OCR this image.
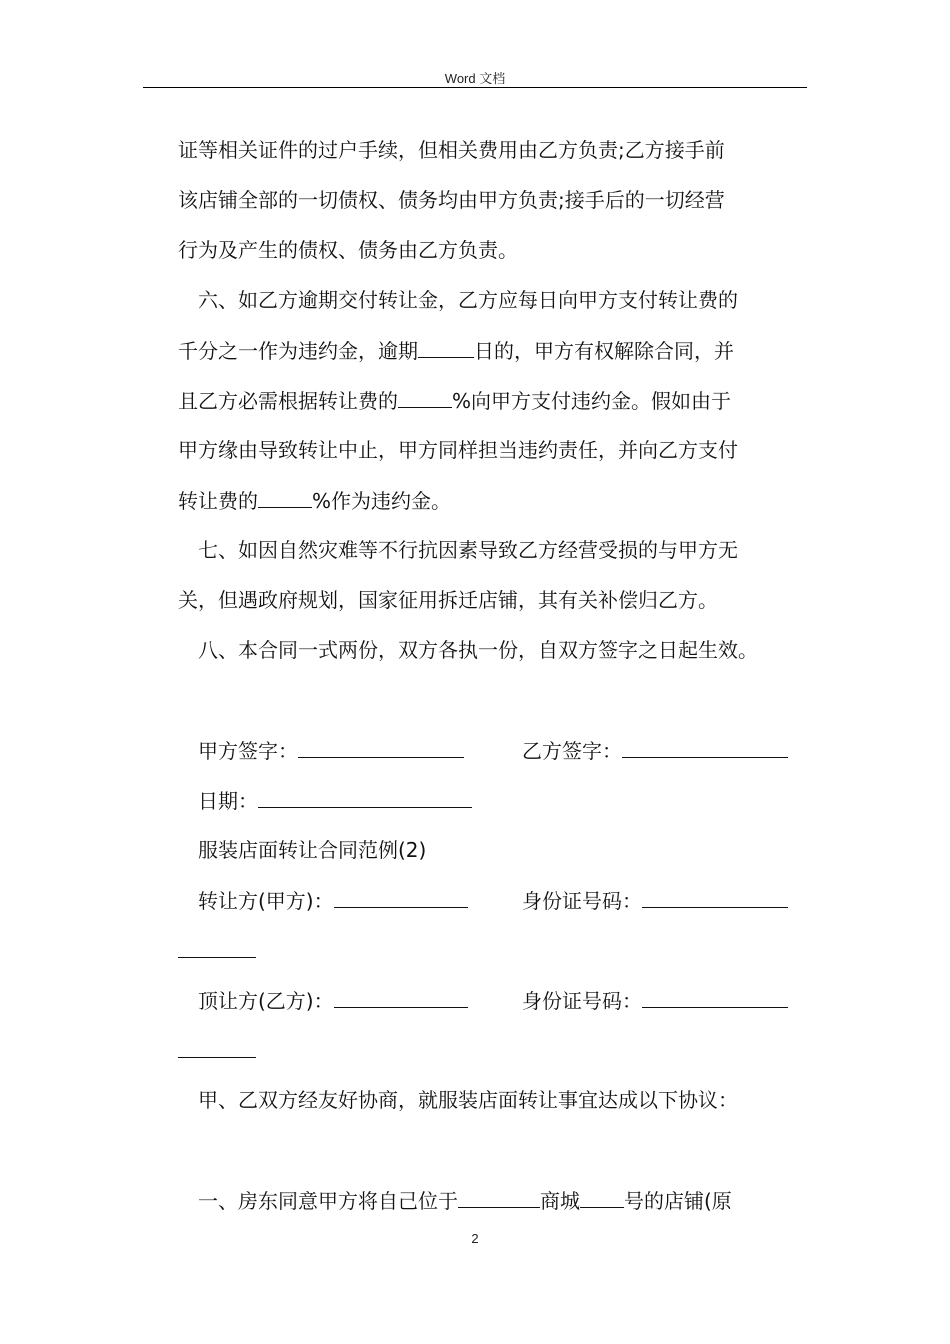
Word 文档
证等相关证件的过户手续，但相关费用由乙方负责;乙方接手前
该店铺全部的一切债权、债务均由甲方负责;接手后的一切经营
行为及产生的债权、债务由乙方负责。
六、如乙方逾期交付转让金，乙方应每日向甲方支付转让费的
千分之一作为违约金，逾期	日的，甲方有权解除合同，并
且乙方必需根据转让费的	%向甲方支付违约金。假如由于
甲方缘由导致转让中止，甲方同样担当违约责任，并向乙方支付
转让费的	%作为违约金。
七、如因自然灾难等不行抗因素导致乙方经营受损的与甲方无
关，但遇政府规划，国家征用拆迁店铺，其有关补偿归乙方。
八、本合同一式两份，双方各执一份，自双方签字之日起生效。
甲方签字：	乙方签字：
日期：
服装店面转让合同范例(2)
转让方(甲方)：	身份证号码：
顶让方(乙方)：	身份证号码：
甲、乙双方经友好协商，就服装店面转让事宜达成以下协议：
一、房东同意甲方将自己位于	商城 号的店铺(原
2
